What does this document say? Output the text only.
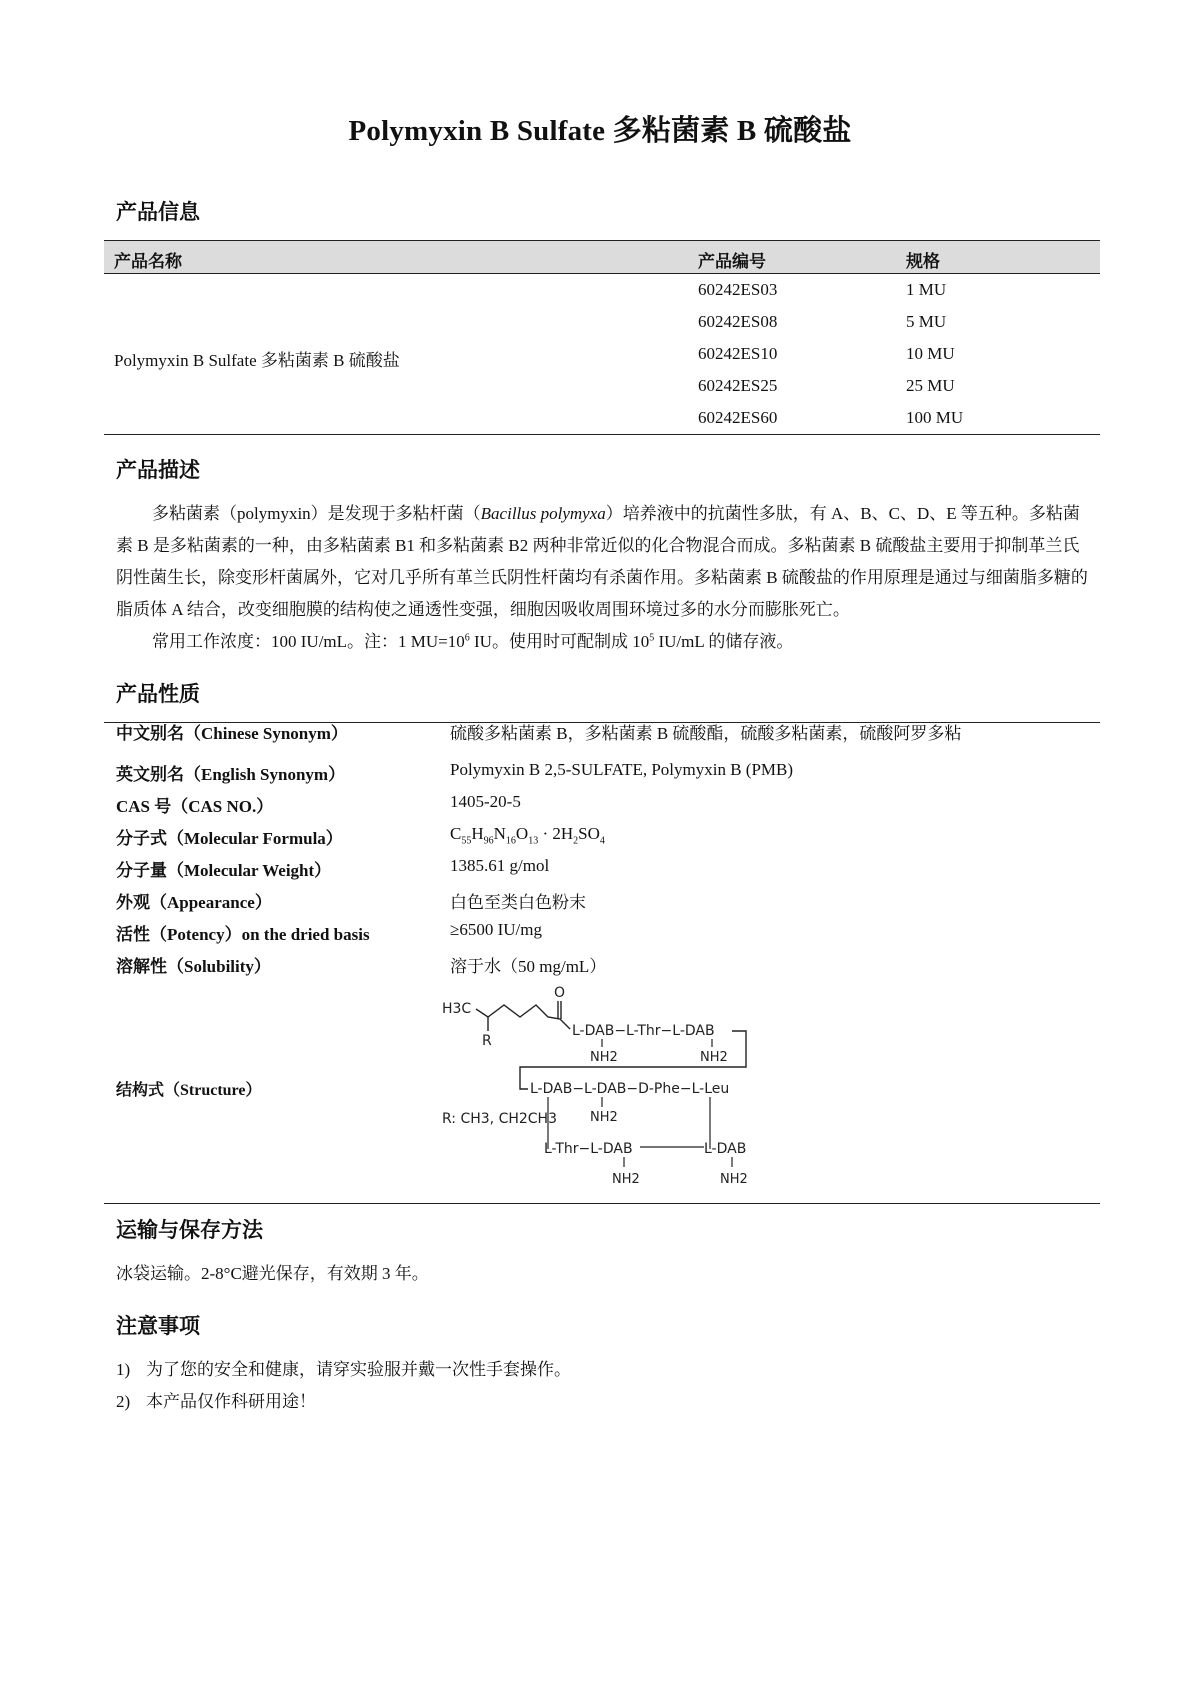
Polymyxin B Sulfate 多粘菌素 B 硫酸盐
产品信息
产品名称	产品编号	规格
Polymyxin B Sulfate 多粘菌素 B 硫酸盐
60242ES03	1 MU
60242ES08	5 MU
60242ES10	10 MU
60242ES25	25 MU
60242ES60	100 MU
产品描述

多粘菌素（polymyxin）是发现于多粘杆菌（Bacillus polymyxa）培养液中的抗菌性多肽，有 A、B、C、D、E 等五种。多粘菌素 B 是多粘菌素的一种，由多粘菌素 B1 和多粘菌素 B2 两种非常近似的化合物混合而成。多粘菌素 B 硫酸盐主要用于抑制革兰氏阴性菌生长，除变形杆菌属外，它对几乎所有革兰氏阴性杆菌均有杀菌作用。多粘菌素 B 硫酸盐的作用原理是通过与细菌脂多糖的脂质体 A 结合，改变细胞膜的结构使之通透性变强，细胞因吸收周围环境过多的水分而膨胀死亡。

常用工作浓度：100 IU/mL。注：1 $MU=10^6$ IU。使用时可配制成 $10^5$ IU/mL 的储存液。

产品性质
中文别名（Chinese Synonym）	硫酸多粘菌素 B，多粘菌素 B 硫酸酯，硫酸多粘菌素，硫酸阿罗多粘
英文别名（English Synonym）	Polymyxin B 2,5-SULFATE, Polymyxin B (PMB)
CAS 号（CAS NO.）	1405-20-5
分子式（Molecular Formula）	$C_{55}H_{96}N_{16}O_{13} \cdot 2H_2SO_4$
分子量（Molecular Weight）	1385.61 g/mol
外观（Appearance）	白色至类白色粉末
活性（Potency）on the dried basis	≥6500 IU/mg
溶解性（Solubility）	溶于水（50 mg/mL）
结构式（Structure）
O
H3C
R
L-DAB−L-Thr−L-DAB
NH2	NH2
L-DAB−L-DAB−D-Phe−L-Leu
NH2
R: CH3, CH2CH3
L-Thr−L-DAB	L-DAB
NH2	NH2
运输与保存方法
冰袋运输。2-8°C避光保存，有效期 3 年。
注意事项
1) 为了您的安全和健康，请穿实验服并戴一次性手套操作。
2) 本产品仅作科研用途！
